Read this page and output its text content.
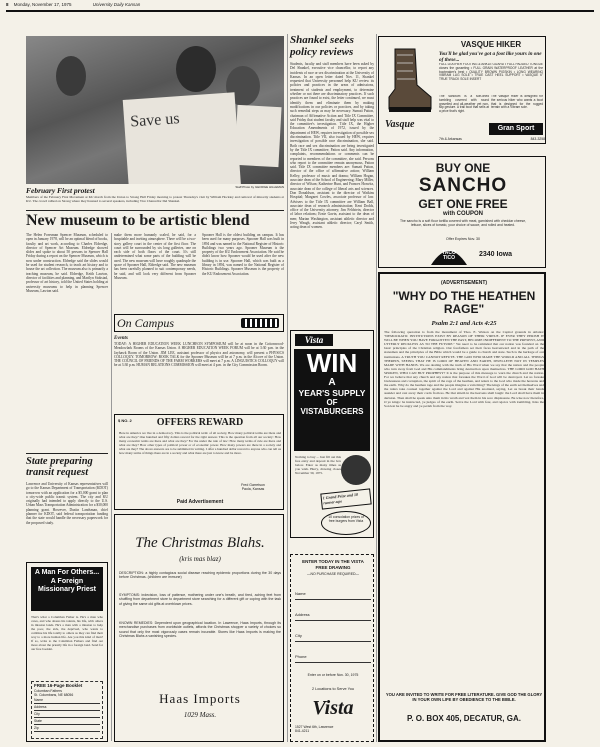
8 Monday, November 17, 1975	University Daily Kansan
Save us
Staff Photo by GEORGE HILLEMAN
February First protest
Members of the February First Movement at KU march from the Union to Strong Hall Friday morning to protest Thursday's visit by William Hockley and removal of minority students at KU. The crowd rallied on Strong where they listened to several speakers, including Vice Chancellor Del Shankel.
New museum to be artistic blend
The Helen Foresman Spencer Museum, scheduled to open in January 1978, will be an optimal blend of books, faculty and art work, according to Charles Eldredge, director of Spencer Art Museum. Eldredge showed slides and spoke to about 50 persons in Spencer Hall Friday during a report on the Spencer Museum, which is now under construction. Eldredge said the slides would be used for student research, to teach art history and to house the art collection. The museum also is primarily a teaching museum, he said. Eldredge, Keith Lawton, director of facilities and planning, and Marilyn Stokstad, professor of art history, told the United States holding at university museums to help in planning Spencer Museum, Lawton said.
make them more humanly scaled, he said, for a hospitable and inviting atmosphere. There will be a two-story gallery court in the center of the first floor. The court will be surrounded by six long galleries, one on each side of both floors of the court. It's still undetermined what some parts of the building will be used. The new museum will have roughly quadruple the space of Spooner Hall, Eldredge said. The new museum has been carefully planned to suit contemporary needs, he said, and will look very different from Spooner Museum.
Spooner Hall is the oldest building on campus. It has been used for many purposes. Spooner Hall was built in 1894 and was named to the National Register of Historic Buildings two years ago. Spooner Museum is the property of the KU Endowment Association. He said he didn't know how Spooner would be used after the new building is in use. Spooner Hall, which was built as a library in 1894, was named to the National Register of Historic Buildings. Spooner Museum is the property of the KU Endowment Association.
State preparing transit request
Lawrence and University of Kansas representatives will go to the Kansas Department of Transportation (KDOT) tomorrow with an application for a $5,000 grant to plan a city-wide public transit system. The city and KU originally had intended to apply directly to the U.S. Urban Mass Transportation Administration for a $30,000 planning grant. However, Dustin Landsman, chief planner for KDOT, said federal transportation funding that the state would handle the necessary paperwork for the proposed study.
A Man For Others... A Foreign Missionary Priest
That's what a Columban Father is. He's a man who cares, and who shares his talents, his life, with others in mission lands. He's a man with a mission to help the poor, the sick, the deprived, who wants to combine his life totally to others as they can find their way to a more human life. Are you this kind of man? If so, write to the Columban Fathers and find out more about the priestly life in a foreign land. Send for our free booklet.
FREE 16-Page Booklet
Columban Fathers
St. Columbans, NE 68056
Name
Address
City
State
Zip
On Campus
Events
TODAY: A HIGHER EDUCATION WEEK LUNCHEON SYMPOSIUM will be at noon in the Cottonwood-Meadowlark Rooms of the Kansas Union. A HIGHER EDUCATION WEEK FORUM will be at 3:30 p.m. in the Jayhawk Room of the Union. JIM LEE, assistant professor of physics and astronomy, will present a PHYSICS COLLOQUY. TOMORROW: BOOK TALK for the Spooner Museum will be at 7 p.m. in the Alcove of the Union. THE COUNCIL OF FRIENDS OF THE FARM WORKERS will meet at 7 p.m. A LINGUISTICS COLLOQUY will be at 3:30 p.m. HUMAN RELATIONS COMMISSION will meet at 4 p.m. in the City Commission Room.
$ NO. 2	OFFERS REWARD
Here in America we live in a democracy. This is the political term: of all society, How many political terms are there and what are they? One hundred and fifty dollars reward for the right answer. This is the question from all our society: How many economic terms are there and what are they? For the under the rule of law: How many terms of rule are there and what are they? How other types of political power or of economic power. How many powers are there in a society and what are they? The above answers are to be submitted in writing. I offer a hundred dollar reward to anyone who can tell us how many terms of things there are in a society and what there are just to know and be more.
Fred Garretson
Paola, Kansas
Paid Advertisement
The Christmas Blahs.
(kris mas blaz)
DESCRIPTION: a highly contagious social disease reaching epidemic proportions during the 30 days before Christmas. (children are immune)
SYMPTOMS: indecision, loss of patience, mothering under one's breath, and tired, aching feet from shuffling from department store to department store searching for a different gift or coping with the task of giving the same old gifts at overblown prices.
KNOWN REMEDIES: Dependent upon geographical location. In Lawrence, Haas Imports, through its merchandise purchases from worldwide outlets, affords the Christmas shopper a variety of choices so sound that only the most vigorously cases remain incurable. Stores like Haas Imports is making the Christmas Blahs a vanishing species.
Haas Imports
1029 Mass.
Shankel seeks policy reviews
Students, faculty and staff members have been asked by Del Shankel, executive vice chancellor, to report any incidents of race or sex discrimination at the University of Kansas. In an open letter dated Nov. 11, Shankel requested that University personnel help KU review its policies and practices in the areas of admissions, treatment of students and employment, to determine whether or not there are discriminatory practices. If such practices are found to exist, the letter continued, we must identify them and eliminate them by making modifications in our policies or practices, and by taking such remedial steps as may be necessary. Sumati Patton, chairman of Affirmative Action and Title IX Committee, said Friday that student faculty and staff help was vital to the committee's investigation. Title IX, the Higher Education Amendments of 1972, issued by the department of HEW, requires investigation of possible sex discrimination. Title VII, also issued by HEW, requires investigation of possible race discrimination, she said. Both race and sex discrimination are being investigated by the Title IX committee, Patton said. Any information, complaints, recommendations or comments can be reported to members of the committee, she said. Persons who report to the committee remain anonymous, Patton said. Title IX committee members are: Sumati Patton, director of the office of affirmative action; William Kelley, professor of music and drama; William Hogan, associate dean of the School of Engineering; Mary Miller, director of Wilson; Katherine Hunt, and Frances Horwitz, associate dean of the college of liberal arts and sciences. Don Donaldson, assistant to the director of Watkins Hospital; Margaret Cowles, associate professor of law. Advisers to the Title IX committee are William Ball, associate dean of research administration; Kent Dodds, office of the University attorney; Jim Feldstein, director of labor relations; Ernie Gavin, assistant to the dean of men; Marian Washington, assistant athletic director and Jerry Waugh, assistant athletic director; Caryl Smith, acting dean of women.
Vista
WIN
A
YEAR'S SUPPLY
OF
VISTABURGERS
Nothing to buy ... Just fill out this free entry and deposit in the box below. Enter as many times as you wish. Hurry, drawing closes November 30, 1975.
1 Grand Prize and 10 runner-ups
10 consolation prizes of free burgers from Vista
ENTER TODAY IN THE VISTA
FREE DRAWING
—NO PURCHASE REQUIRED—
Name
Address
City
Phone
Enter on or before Nov. 30, 1975
2 Locations to Serve You
Vista
1527 West 6th, Lawrence
841-4211
VASQUE HIKER
You'll be glad you've got a foot like yours in one of these...
FULL LEATHER FOOTING & ANKLE GUARD • FULL PADDED TONGUE closes the gusseting • FULL GRAIN WATERPROOF LEATHER at the bootmaker's best • QUALITY BROWN PIGSKIN • LONG WEARING VIBRAM LUG SOLE • TRUE CAST HEEL SUPPORT • VASQUE 6" TRUE TRACK SOLE INSERT
The sanctum is a soft-lined tumbling covered with round gravelled and all-weather yet non-slip gesture. A trail boot that sells at a price that's right.
The Vasque Hiker is designed for the serious hiker who wants a boot that is designed for the rugged terrain with a Vibram sole.
Vasque	Gran Sport
7th & Arkansas	843-3258
BUY ONE
SANCHO
GET ONE FREE
with COUPON
The sancho is a soft flour tortilla covered with meat, garnished with cheddar cheese, lettuce, slices of tomato, your choice of sauce, and rolled and heated.
Offer Expires Nov. 30
TACO
TICO	2340 Iowa
(ADVERTISEMENT)
"WHY DO THE HEATHEN RAGE"
Psalm 2:1 and Acts 4:25
The following quotation is from the monument of Thos. E. Watson on the Capitol grounds in Atlanta: "DEMOCRATIC INSTITUTIONS EXIST BY REASON OF THEIR VIRTUE. IF EVER THEY PERISH IT WILL BE WHEN YOU HAVE FORGOTTEN THE PAST, BECOME INDIFFERENT TO THE PRESENT, AND UTTERLY RECKLESS AS TO THE FUTURE." We need to be reminded that our nation was founded on the basic principles of the Christian religion. Our forefathers set their faces heavenward and in the path of the statesmen and the principles of the Bible which would be a guide to church and state. Such is the heritage of our institutions. A TRUTH YOU CANNOT REFUTE. THE GOD WHO MADE THE WORLD AND ALL THINGS THEREIN, SEEING THAT HE IS LORD OF HEAVEN AND EARTH, DWELLETH NOT IN TEMPLES MADE WITH HANDS. We are dealing with the truth of His Word when we say that the nation and the people who turn away from God and His commandments bring destruction upon themselves. THE LORD GOD HATH SPOKEN, WHO CAN BUT PROPHESY? It is the purpose of this message to warn the church and the nation. For we believe that any church and any nation that forsakes the Word of God will be destroyed. Let us forsake lawlessness and corruption, the spirit of the rage of the heathen, and return to the God who made the heavens and the earth. Why do the heathen rage and the people imagine a vain thing? The kings of the earth set themselves and the rulers take counsel together against the Lord and against His anointed, saying, Let us break their bands asunder and cast away their cords from us. He that sitteth in the heavens shall laugh: the Lord shall have them in derision. Then shall he speak unto them in his wrath and vex them in his sore displeasure. Be wise now therefore, O ye kings: be instructed, ye judges of the earth. Serve the Lord with fear, and rejoice with trembling. Kiss the Son lest he be angry and ye perish from the way.
YOU ARE INVITED TO WRITE FOR FREE LITERATURE. GIVE GOD THE GLORY IN YOUR OWN LIFE BY OBEDIENCE TO THE BIBLE.
P. O. BOX 405, DECATUR, GA.
